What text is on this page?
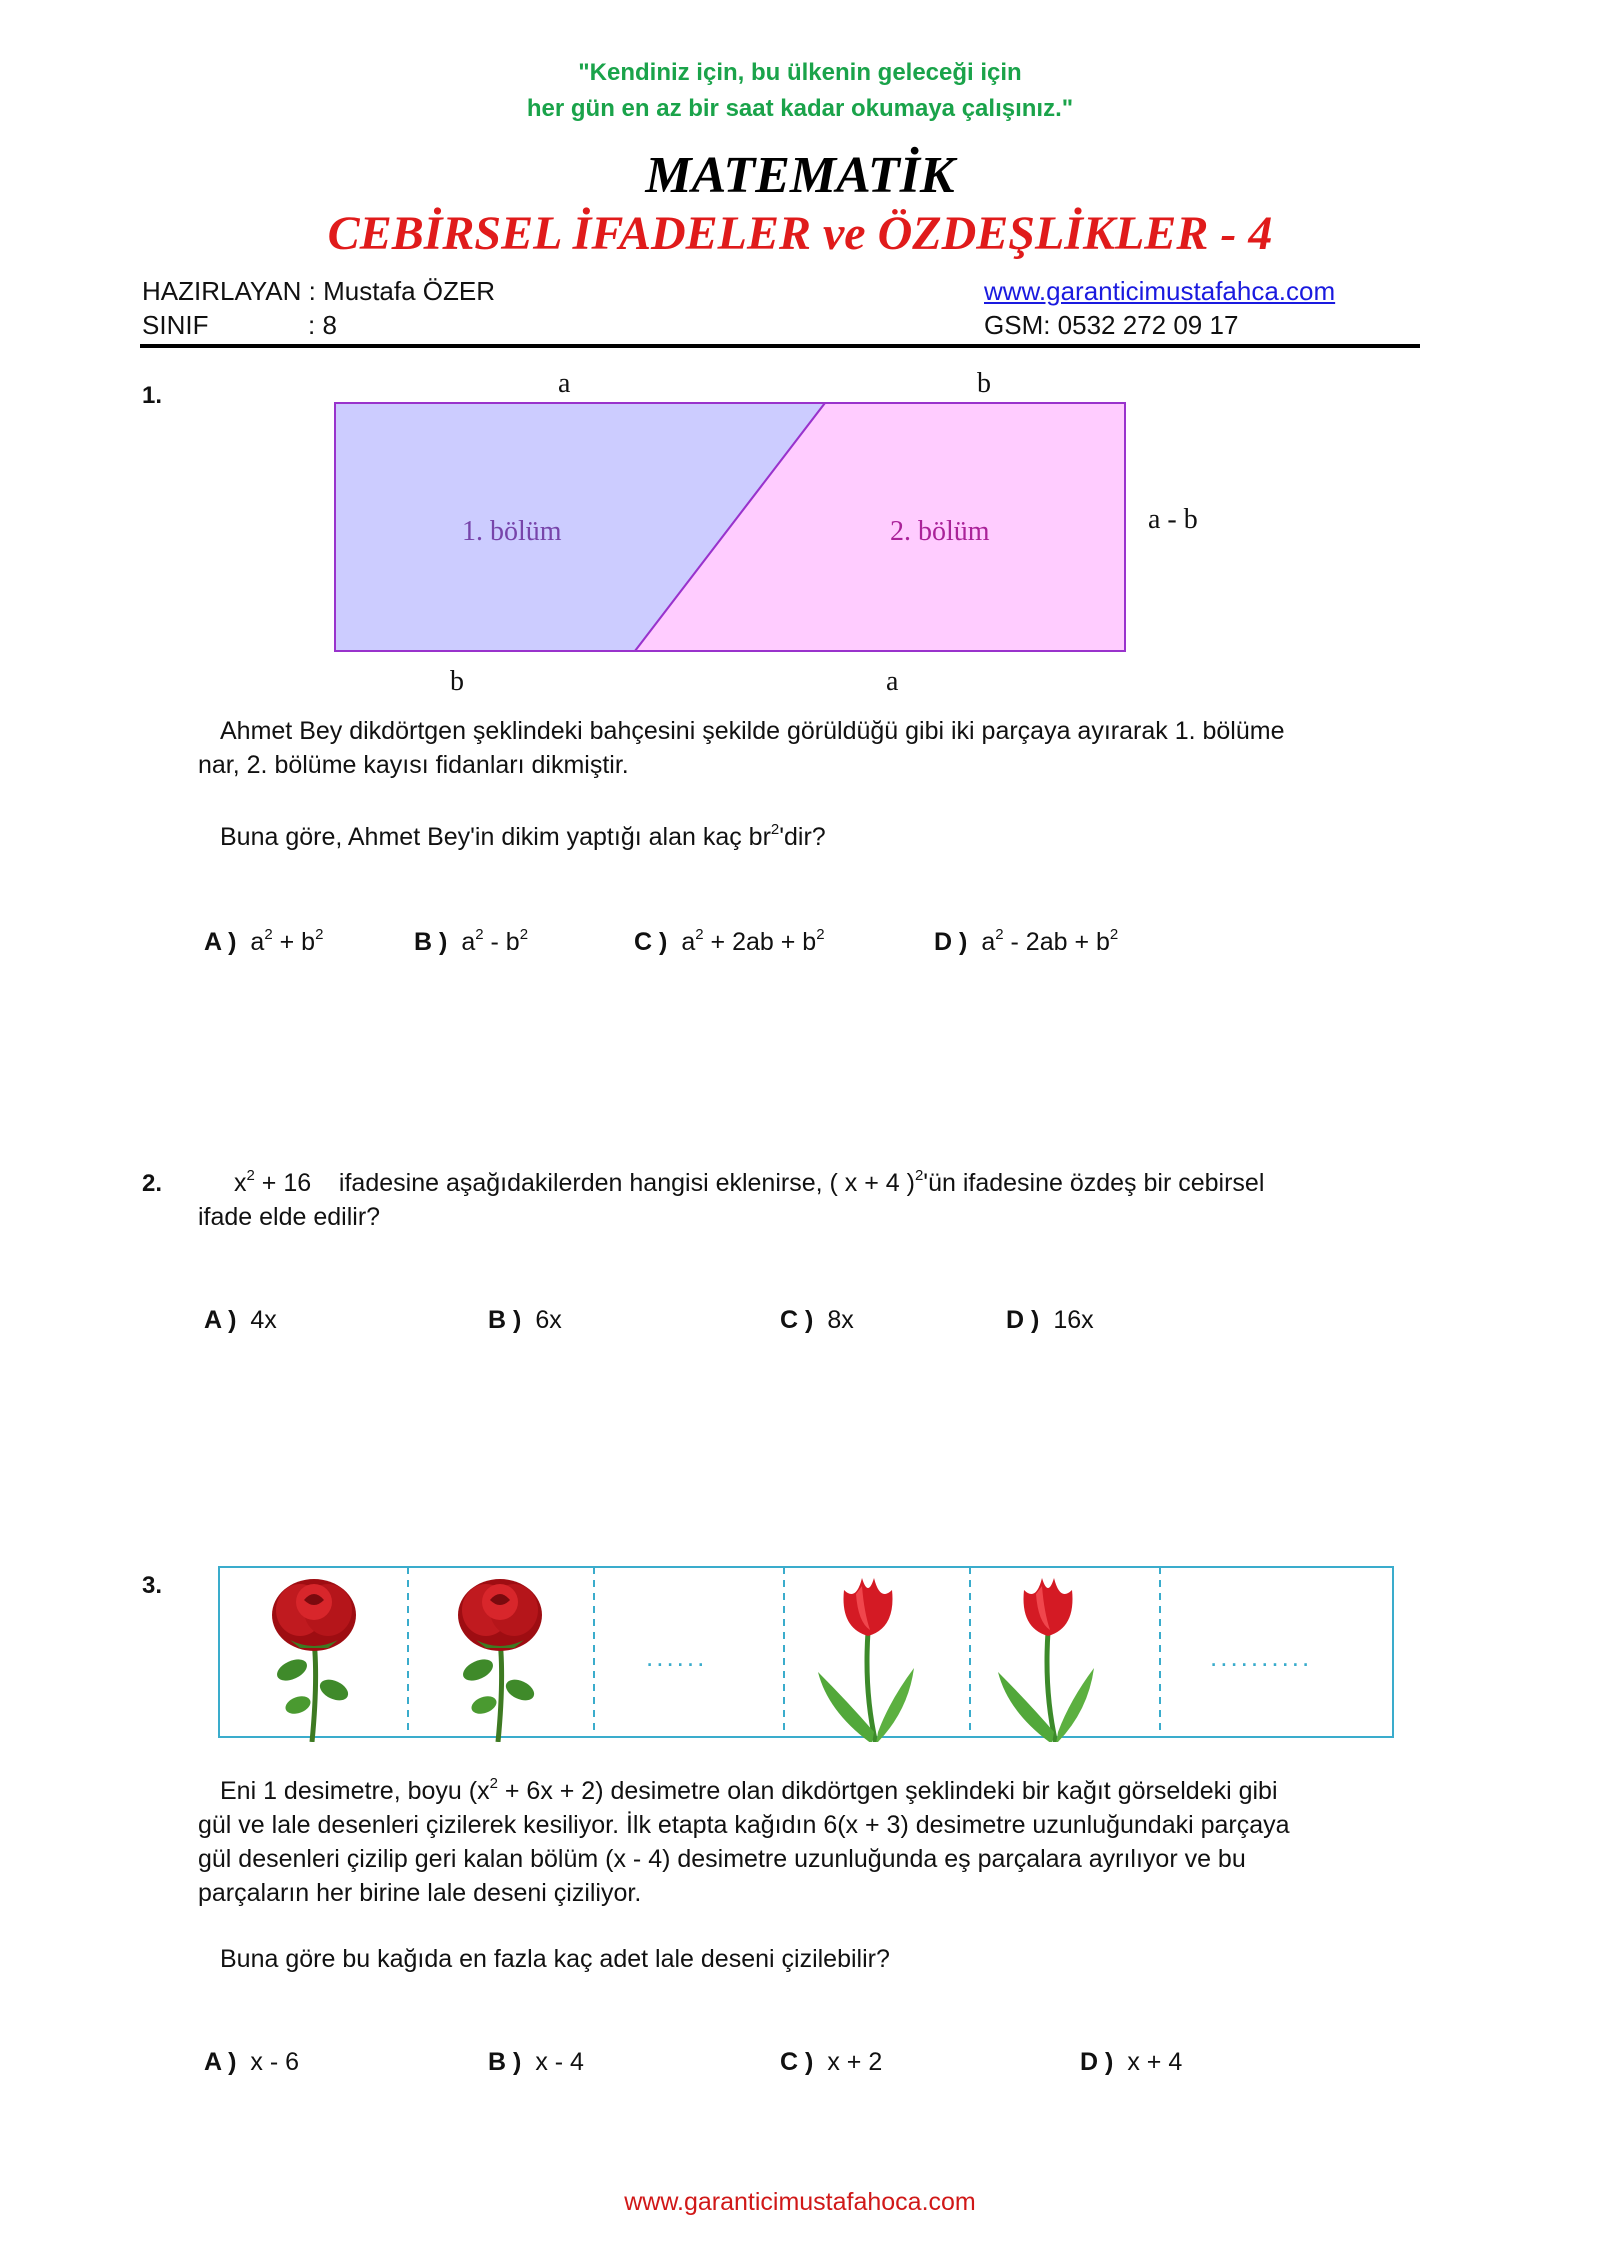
"Kendiniz için, bu ülkenin geleceği için
her gün en az bir saat kadar okumaya çalışınız."
MATEMATİK
CEBİRSEL İFADELER ve ÖZDEŞLİKLER - 4
HAZIRLAYAN : Mustafa ÖZER
SINIF	: 8
www.garanticimustafahca.com
GSM: 0532 272 09 17
1.	a	b
a - b
b	a
1. bölüm	2. bölüm
Ahmet Bey dikdörtgen şeklindeki bahçesini şekilde görüldüğü gibi iki parçaya ayırarak 1. bölüme
nar, 2. bölüme kayısı fidanları dikmiştir.
Buna göre, Ahmet Bey'in dikim yaptığı alan kaç $br^2'dir$?
A ) $a^2 + b^2$	B ) $a^2 - b^2$	C ) $a^2 + 2ab + b^2$	D ) $a^2 - 2ab + b^2$
2.	$x^2 + 16$    ifadesine aşağıdakilerden hangisi eklenirse, ( x + 4 )$^2$'ün ifadesine özdeş bir cebirsel
ifade elde edilir?
A ) 4x	B ) 6x	C ) 8x	D ) 16x
3.
......	..........
Eni 1 desimetre, boyu $(x^2 + 6x + 2)$ desimetre olan dikdörtgen şeklindeki bir kağıt görseldeki gibi
gül ve lale desenleri çizilerek kesiliyor. İlk etapta kağıdın 6(x + 3) desimetre uzunluğundaki parçaya
gül desenleri çizilip geri kalan bölüm (x - 4) desimetre uzunluğunda eş parçalara ayrılıyor ve bu
parçaların her birine lale deseni çiziliyor.
Buna göre bu kağıda en fazla kaç adet lale deseni çizilebilir?
A ) x - 6	B ) x - 4	C ) x + 2	D ) x + 4
www.garanticimustafahoca.com
